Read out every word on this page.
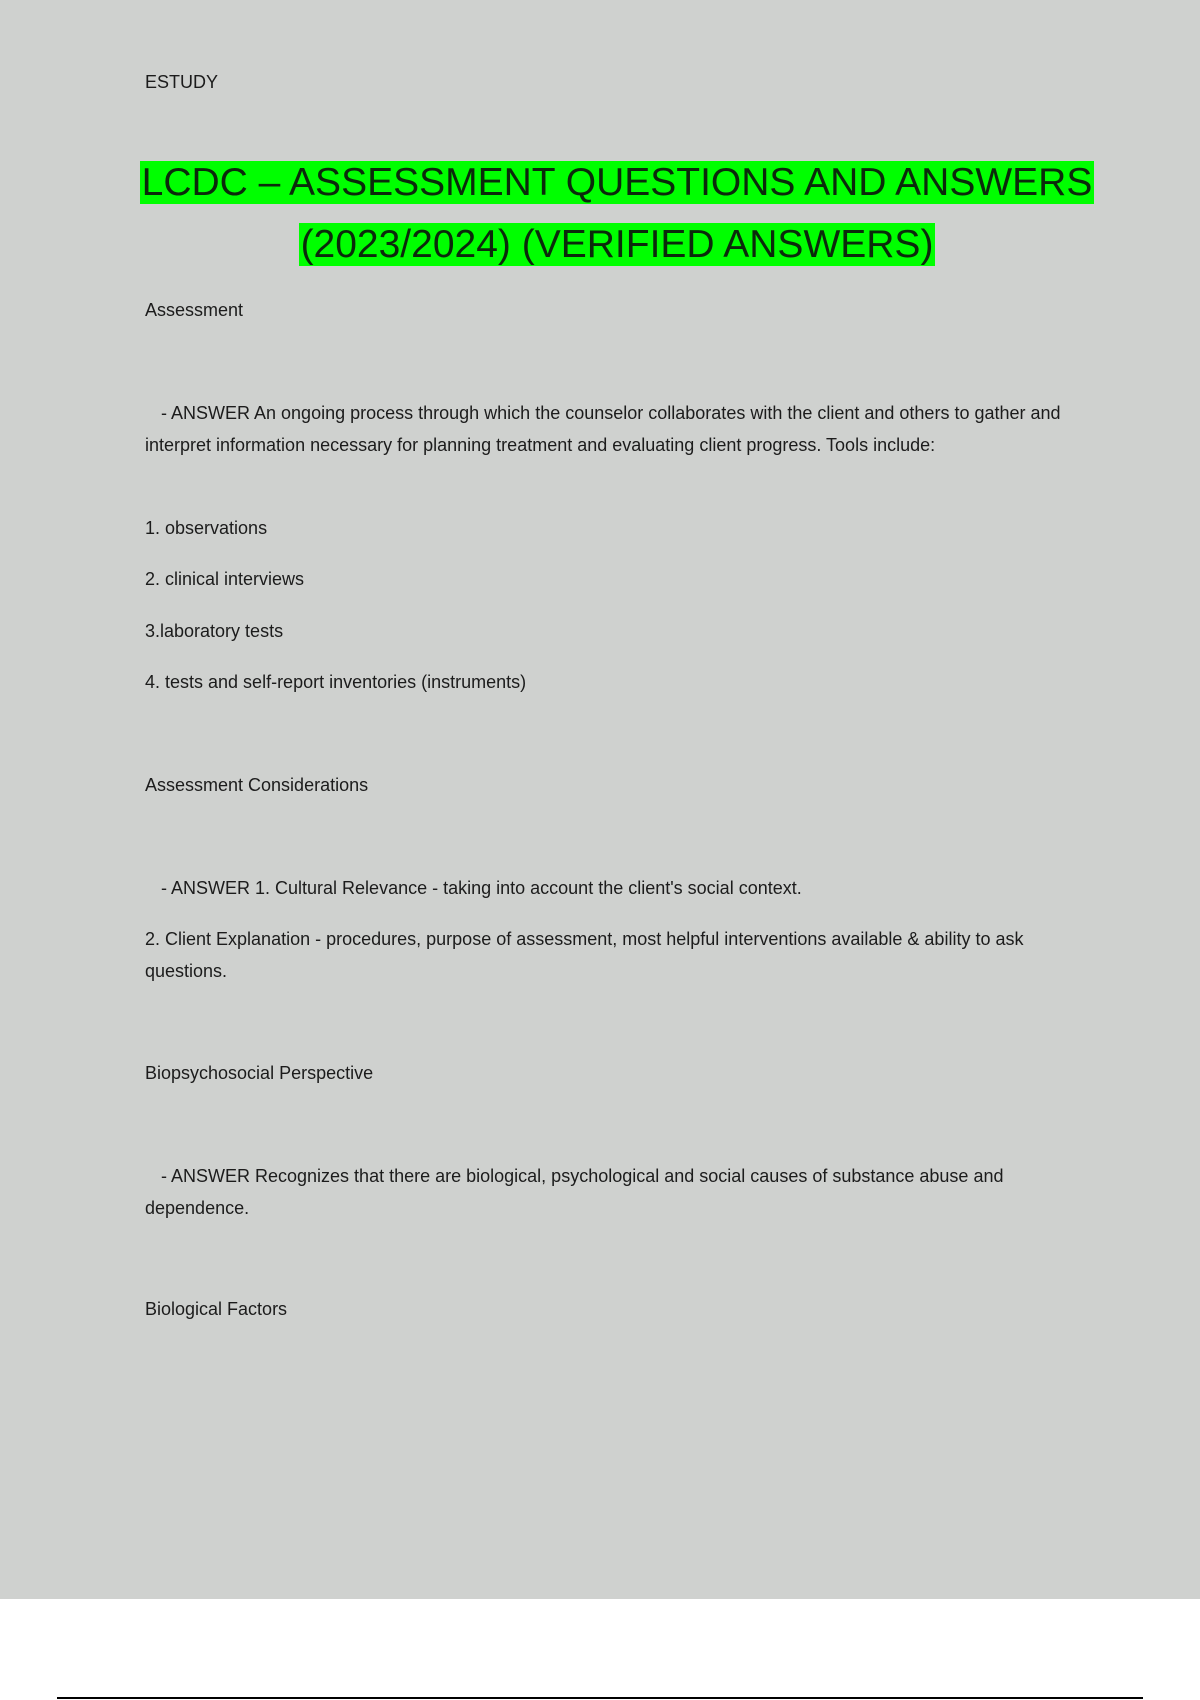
ESTUDY
LCDC – ASSESSMENT QUESTIONS AND ANSWERS
(2023/2024) (VERIFIED ANSWERS)

Assessment

- ANSWER An ongoing process through which the counselor collaborates with the client and others to gather and interpret information necessary for planning treatment and evaluating client progress. Tools include:

1. observations

2. clinical interviews

3.laboratory tests

4. tests and self-report inventories (instruments)

Assessment Considerations

- ANSWER 1. Cultural Relevance - taking into account the client's social context.

2. Client Explanation - procedures, purpose of assessment, most helpful interventions available & ability to ask questions.

Biopsychosocial Perspective

- ANSWER Recognizes that there are biological, psychological and social causes of substance abuse and dependence.

Biological Factors
